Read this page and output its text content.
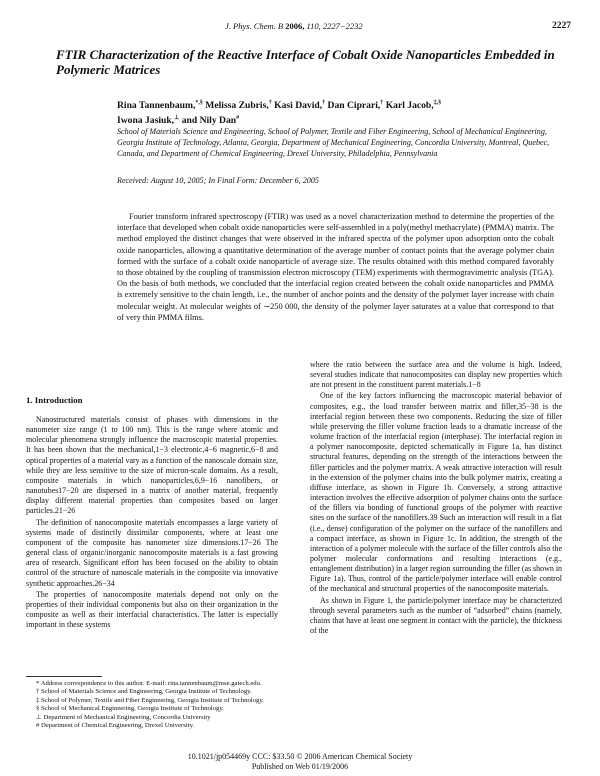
J. Phys. Chem. B 2006, 110, 2227−2232	2227
FTIR Characterization of the Reactive Interface of Cobalt Oxide Nanoparticles Embedded in Polymeric Matrices
Rina Tannenbaum,*,§ Melissa Zubris,† Kasi David,† Dan Ciprari,† Karl Jacob,‡,§
Iwona Jasiuk,⊥ and Nily Dan#
School of Materials Science and Engineering, School of Polymer, Textile and Fiber Engineering, School of Mechanical Engineering, Georgia Institute of Technology, Atlanta, Georgia, Department of Mechanical Engineering, Concordia University, Montreal, Quebec, Canada, and Department of Chemical Engineering, Drexel University, Philadelphia, Pennsylvania
Received: August 10, 2005; In Final Form: December 6, 2005
Fourier transform infrared spectroscopy (FTIR) was used as a novel characterization method to determine the properties of the interface that developed when cobalt oxide nanoparticles were self-assembled in a poly(methyl methacrylate) (PMMA) matrix. The method employed the distinct changes that were observed in the infrared spectra of the polymer upon adsorption onto the cobalt oxide nanoparticles, allowing a quantitative determination of the average number of contact points that the average polymer chain formed with the surface of a cobalt oxide nanoparticle of average size. The results obtained with this method compared favorably to those obtained by the coupling of transmission electron microscopy (TEM) experiments with thermogravimetric analysis (TGA). On the basis of both methods, we concluded that the interfacial region created between the cobalt oxide nanoparticles and PMMA is extremely sensitive to the chain length, i.e., the number of anchor points and the density of the polymer layer increase with chain molecular weight. At molecular weights of ∼250 000, the density of the polymer layer saturates at a value that correspond to that of very thin PMMA films.
1. Introduction

Nanostructured materials consist of phases with dimensions in the nanometer size range (1 to 100 nm). This is the range where atomic and molecular phenomena strongly influence the macroscopic material properties. It has been shown that the mechanical,1−3 electronic,4−6 magnetic,6−8 and optical properties of a material vary as a function of the nanoscale domain size, while they are less sensitive to the size of micron-scale domains. As a result, composite materials in which nanoparticles,6,9−16 nanofibers, or nanotubes17−20 are dispersed in a matrix of another material, frequently display different material properties than composites based on larger particles.21−26

The definition of nanocomposite materials encompasses a large variety of systems made of distinctly dissimilar components, where at least one component of the composite has nanometer size dimensions.17−26 The general class of organic/inorganic nanocomposite materials is a fast growing area of research. Significant effort has been focused on the ability to obtain control of the structure of nanoscale materials in the composite via innovative synthetic approaches.26−34

The properties of nanocomposite materials depend not only on the properties of their individual components but also on their organization in the composite as well as their interfacial characteristics. The latter is especially important in these systems

where the ratio between the surface area and the volume is high. Indeed, several studies indicate that nanocomposites can display new properties which are not present in the constituent parent materials.1−8

One of the key factors influencing the macroscopic material behavior of composites, e.g., the load transfer between matrix and filler,35−38 is the interfacial region between these two components. Reducing the size of filler while preserving the filler volume fraction leads to a dramatic increase of the volume fraction of the interfacial region (interphase). The interfacial region in a polymer nanocomposite, depicted schematically in Figure 1a, has distinct structural features, depending on the strength of the interactions between the filler particles and the polymer matrix. A weak attractive interaction will result in the extension of the polymer chains into the bulk polymer matrix, creating a diffuse interface, as shown in Figure 1b. Conversely, a strong attractive interaction involves the effective adsorption of polymer chains onto the surface of the fillers via bonding of functional groups of the polymer with reactive sites on the surface of the nanofillers.39 Such an interaction will result in a flat (i.e., dense) configuration of the polymer on the surface of the nanofillers and a compact interface, as shown in Figure 1c. In addition, the strength of the interaction of a polymer molecule with the surface of the filler controls also the polymer molecular conformations and resulting interactions (e.g., entanglement distribution) in a larger region surrounding the filler (as shown in Figure 1a). Thus, control of the particle/polymer interface will enable control of the mechanical and structural properties of the nanocomposite materials.

As shown in Figure 1, the particle/polymer interface may be characterized through several parameters such as the number of “adsorbed” chains (namely, chains that have at least one segment in contact with the particle), the thickness of the

* Address correspondence to this author. E-mail: rina.tannenbaum@mse.gatech.edu.

† School of Materials Science and Engineering, Georgia Institute of Technology.

‡ School of Polymer, Textile and Fiber Engineering, Georgia Institute of Technology.

§ School of Mechanical Engineering, Georgia Institute of Technology.

⊥ Department of Mechanical Engineering, Concordia University

# Department of Chemical Engineering, Drexel University.

10.1021/jp054469y CCC: $33.50 © 2006 American Chemical Society
Published on Web 01/19/2006
